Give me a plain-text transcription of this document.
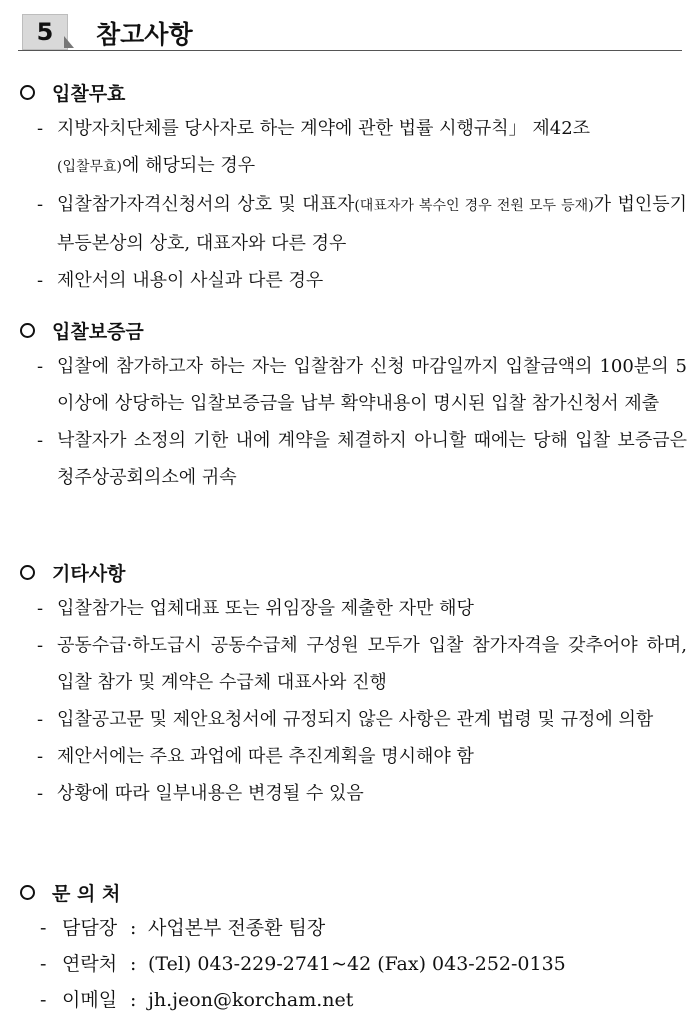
5	참고사항
입찰무효
- 지방자치단체를 당사자로 하는 계약에 관한 법률 시행규칙」 제42조
(입찰무효)에 해당되는 경우
- 입찰참가자격신청서의 상호 및 대표자(대표자가 복수인 경우 전원 모두 등재)가 법인등기부등본상의 상호, 대표자와 다른 경우
- 제안서의 내용이 사실과 다른 경우
입찰보증금
- 입찰에 참가하고자 하는 자는 입찰참가 신청 마감일까지 입찰금액의 100분의 5이상에 상당하는 입찰보증금을 납부 확약내용이 명시된 입찰 참가신청서 제출
- 낙찰자가 소정의 기한 내에 계약을 체결하지 아니할 때에는 당해 입찰 보증금은 청주상공회의소에 귀속
기타사항
- 입찰참가는 업체대표 또는 위임장을 제출한 자만 해당
- 공동수급·하도급시 공동수급체 구성원 모두가 입찰 참가자격을 갖추어야 하며, 입찰 참가 및 계약은 수급체 대표사와 진행
- 입찰공고문 및 제안요청서에 규정되지 않은 사항은 관계 법령 및 규정에 의함
- 제안서에는 주요 과업에 따른 추진계획을 명시해야 함
- 상황에 따라 일부내용은 변경될 수 있음
문 의 처
- 담담장 : 사업본부 전종환 팀장
- 연락처 : (Tel) 043-229-2741~42 (Fax) 043-252-0135
- 이메일 : jh.jeon@korcham.net
